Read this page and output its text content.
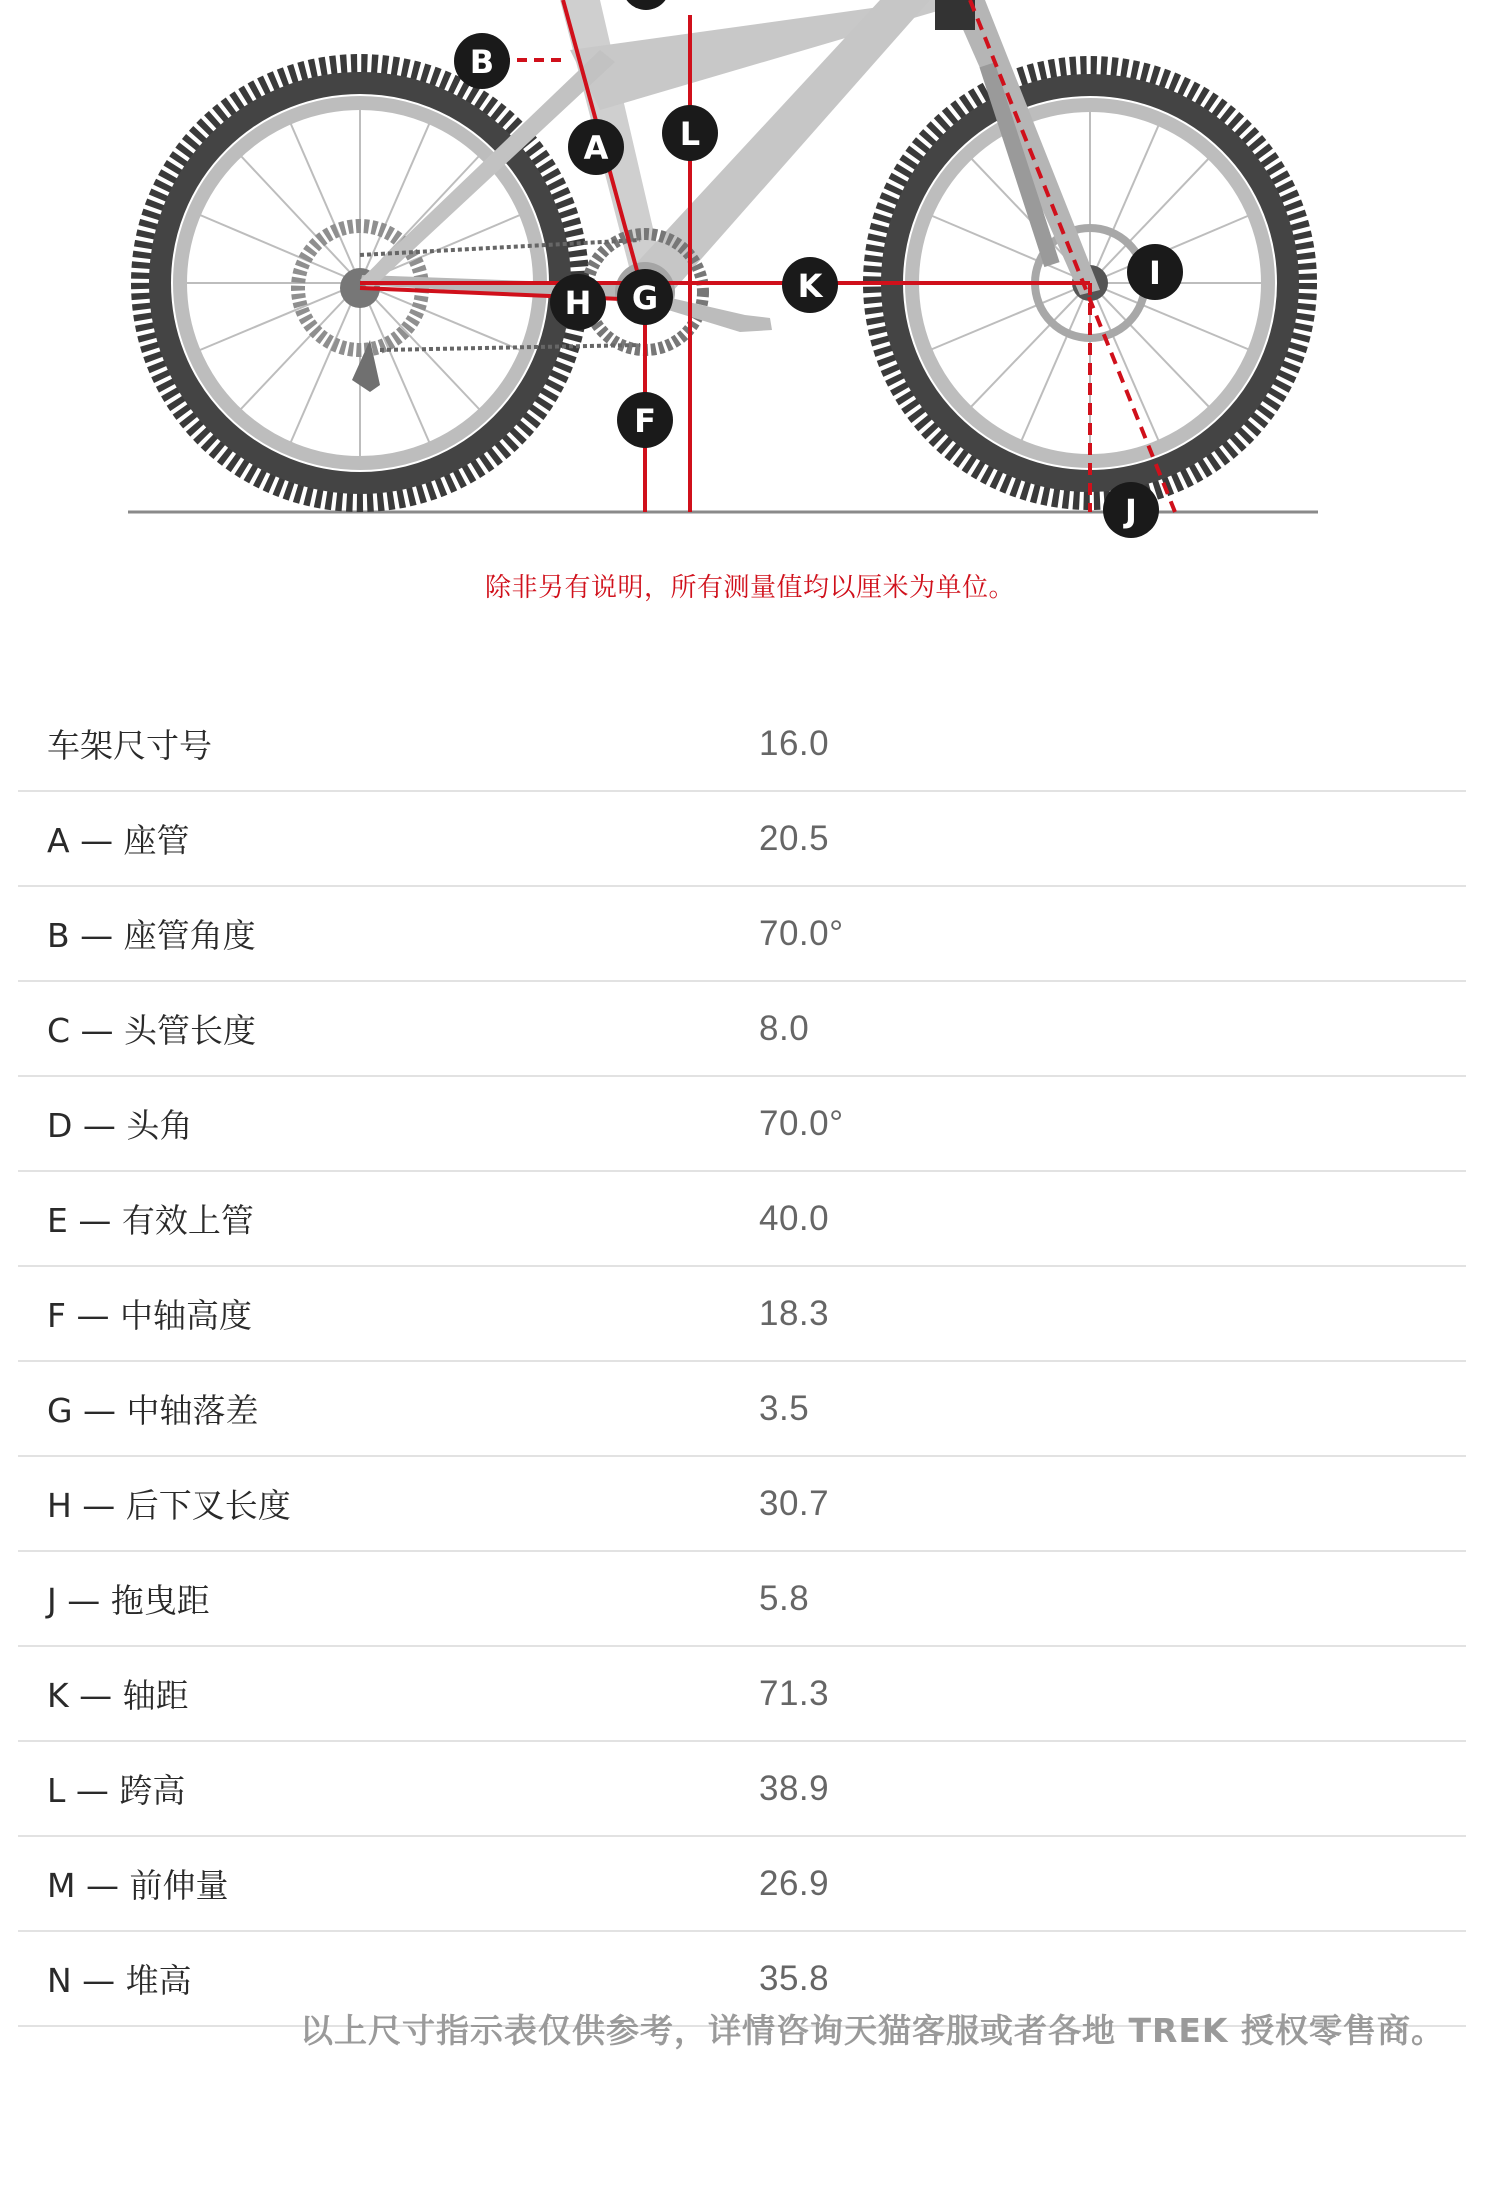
A
B
F
G
H
I
J
K
L
除非另有说明，所有测量值均以厘米为单位。
车架尺寸号	16.0
A — 座管	20.5
B — 座管角度	70.0°
C — 头管长度	8.0
D — 头角	70.0°
E — 有效上管	40.0
F — 中轴高度	18.3
G — 中轴落差	3.5
H — 后下叉长度	30.7
J — 拖曳距	5.8
K — 轴距	71.3
L — 跨高	38.9
M — 前伸量	26.9
N — 堆高	35.8
以上尺寸指示表仅供参考，详情咨询天猫客服或者各地 TREK 授权零售商。
